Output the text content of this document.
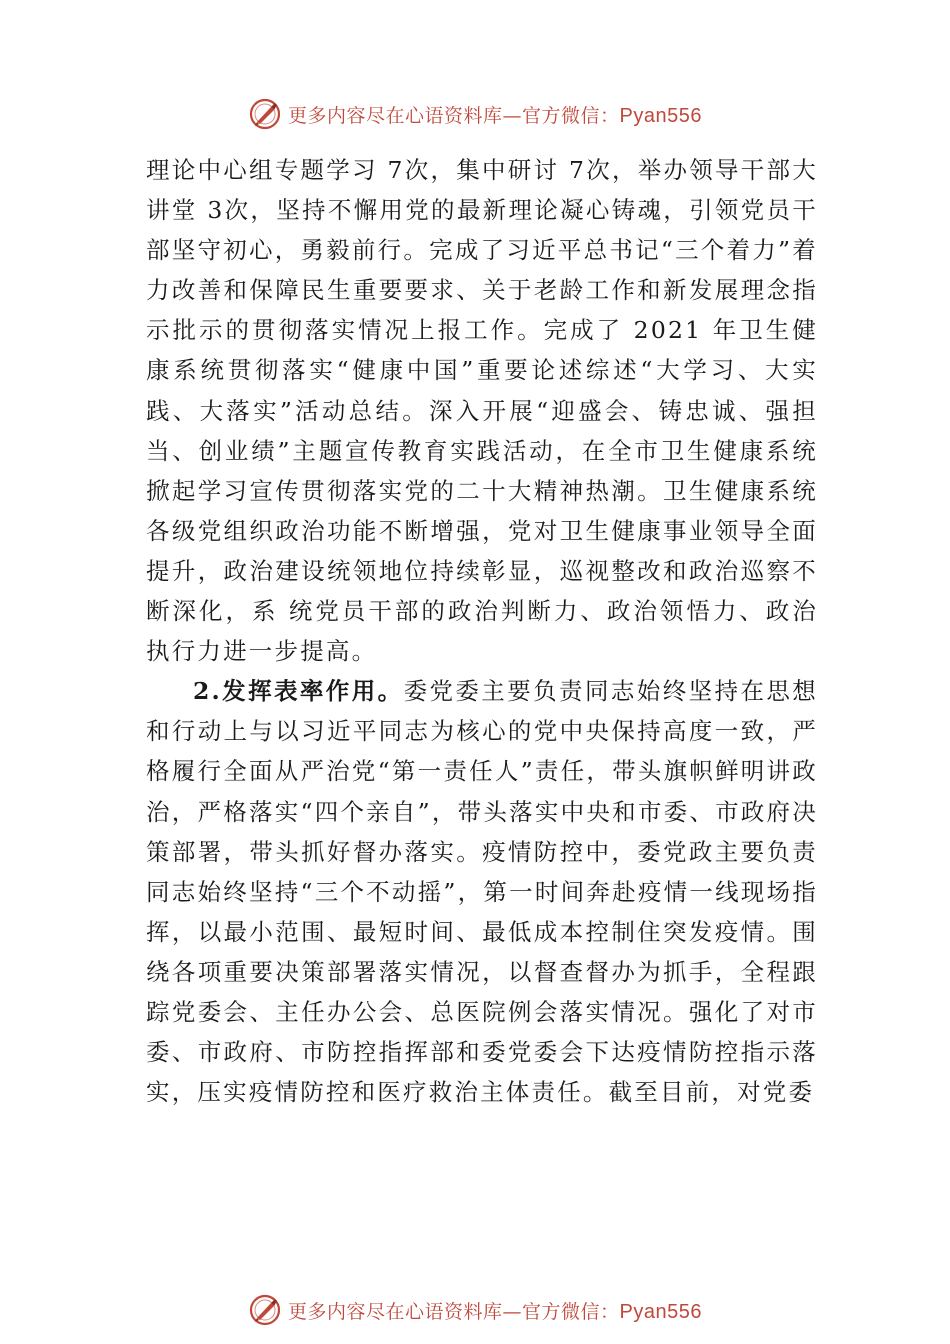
更多内容尽在心语资料库—官方微信：Pyan556

理论中心组专题学习 7次，集中研讨 7次，举办领导干部大讲堂 3次，坚持不懈用党的最新理论凝心铸魂，引领党员干部坚守初心，勇毅前行。完成了习近平总书记“三个着力”着力改善和保障民生重要要求、关于老龄工作和新发展理念指示批示的贯彻落实情况上报工作。完成了 2021 年卫生健康系统贯彻落实“健康中国”重要论述综述“大学习、大实践、大落实”活动总结。深入开展“迎盛会、铸忠诚、强担当、创业绩”主题宣传教育实践活动，在全市卫生健康系统掀起学习宣传贯彻落实党的二十大精神热潮。卫生健康系统各级党组织政治功能不断增强，党对卫生健康事业领导全面提升，政治建设统领地位持续彰显，巡视整改和政治巡察不断深化，系 统党员干部的政治判断力、政治领悟力、政治执行力进一步提高。

2.发挥表率作用。委党委主要负责同志始终坚持在思想和行动上与以习近平同志为核心的党中央保持高度一致，严格履行全面从严治党“第一责任人”责任，带头旗帜鲜明讲政治，严格落实“四个亲自”，带头落实中央和市委、市政府决策部署，带头抓好督办落实。疫情防控中，委党政主要负责同志始终坚持“三个不动摇”，第一时间奔赴疫情一线现场指挥，以最小范围、最短时间、最低成本控制住突发疫情。围绕各项重要决策部署落实情况，以督查督办为抓手，全程跟踪党委会、主任办公会、总医院例会落实情况。强化了对市委、市政府、市防控指挥部和委党委会下达疫情防控指示落实，压实疫情防控和医疗救治主体责任。截至目前，对党委

更多内容尽在心语资料库—官方微信：Pyan556
